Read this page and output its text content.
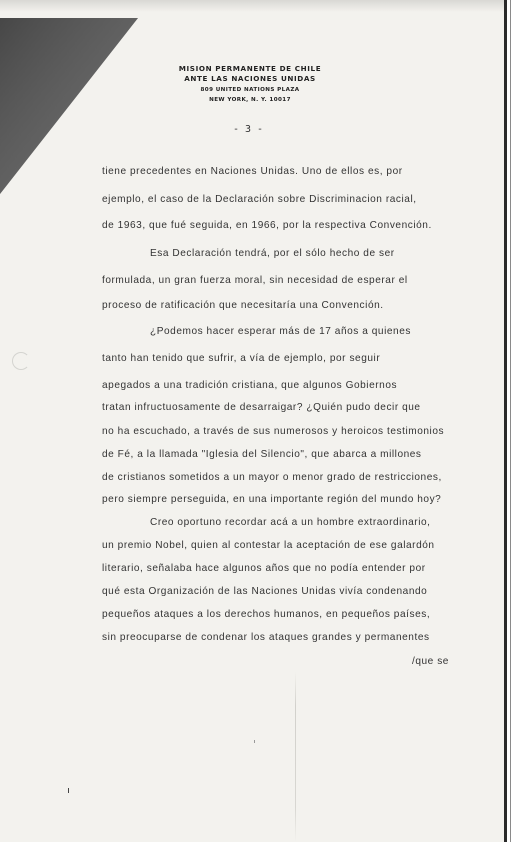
MISION PERMANENTE DE CHILE
ANTE LAS NACIONES UNIDAS
809 UNITED NATIONS PLAZA
NEW YORK, N. Y. 10017
- 3 -
tiene precedentes en Naciones Unidas. Uno de ellos es, por
ejemplo, el caso de la Declaración sobre Discriminacion racial,
de 1963, que fué seguida, en 1966, por la respectiva Convención.
Esa Declaración tendrá, por el sólo hecho de ser
formulada, un gran fuerza moral, sin necesidad de esperar el
proceso de ratificación que necesitaría una Convención.
¿Podemos hacer esperar más de 17 años a quienes
tanto han tenido que sufrir, a vía de ejemplo, por seguir
apegados a una tradición cristiana, que algunos Gobiernos
tratan infructuosamente de desarraigar? ¿Quién pudo decir que
no ha escuchado, a través de sus numerosos y heroicos testimonios
de Fé, a la llamada "Iglesia del Silencio", que abarca a millones
de cristianos sometidos a un mayor o menor grado de restricciones,
pero siempre perseguida, en una importante región del mundo hoy?
Creo oportuno recordar acá a un hombre extraordinario,
un premio Nobel, quien al contestar la aceptación de ese galardón
literario, señalaba hace algunos años que no podía entender por
qué esta Organización de las Naciones Unidas vivía condenando
pequeños ataques a los derechos humanos, en pequeños países,
sin preocuparse de condenar los ataques grandes y permanentes
/que se
